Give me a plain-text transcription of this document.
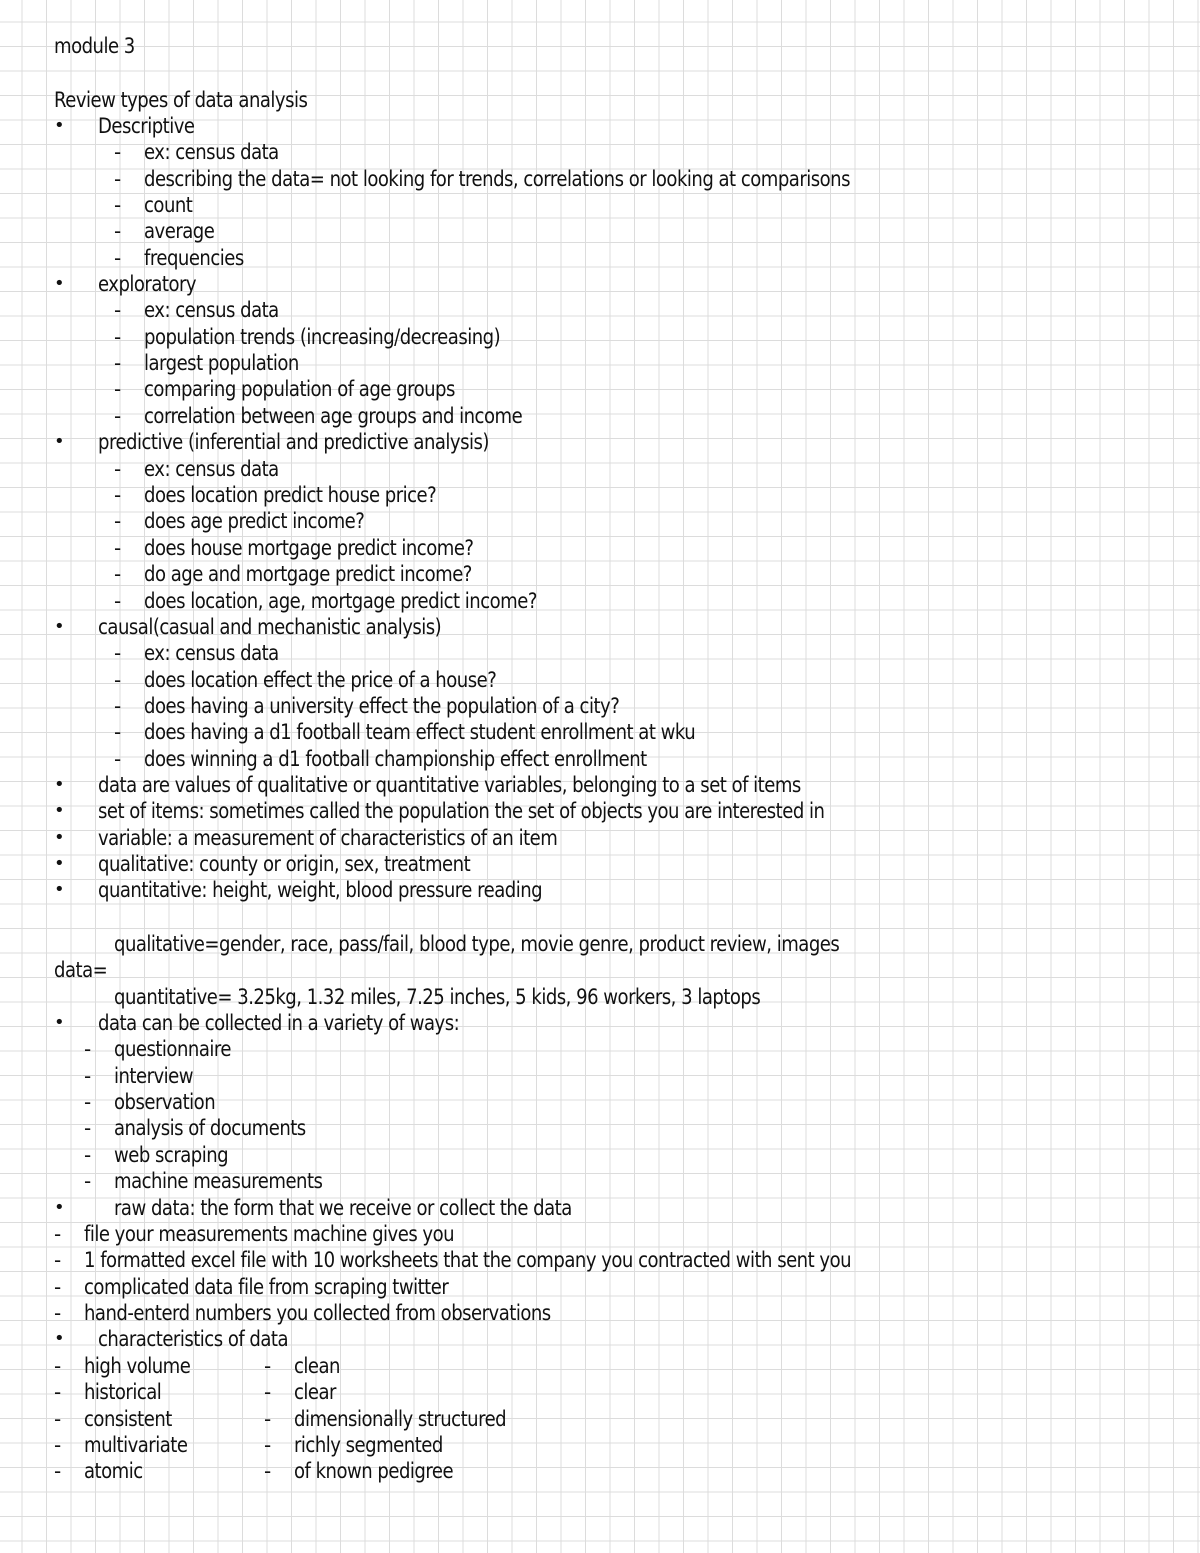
module 3
Review types of data analysis
• Descriptive
- ex: census data
- describing the data= not looking for trends, correlations or looking at comparisons
- count
- average
- frequencies
• exploratory
- ex: census data
- population trends (increasing/decreasing)
- largest population
- comparing population of age groups
- correlation between age groups and income
• predictive (inferential and predictive analysis)
- ex: census data
- does location predict house price?
- does age predict income?
- does house mortgage predict income?
- do age and mortgage predict income?
- does location, age, mortgage predict income?
• causal(casual and mechanistic analysis)
- ex: census data
- does location effect the price of a house?
- does having a university effect the population of a city?
- does having a d1 football team effect student enrollment at wku
- does winning a d1 football championship effect enrollment
• data are values of qualitative or quantitative variables, belonging to a set of items
• set of items: sometimes called the population the set of objects you are interested in
• variable: a measurement of characteristics of an item
• qualitative: county or origin, sex, treatment
• quantitative: height, weight, blood pressure reading
qualitative=gender, race, pass/fail, blood type, movie genre, product review, images
data=
quantitative= 3.25kg, 1.32 miles, 7.25 inches, 5 kids, 96 workers, 3 laptops
• data can be collected in a variety of ways:
- questionnaire
- interview
- observation
- analysis of documents
- web scraping
- machine measurements
• raw data: the form that we receive or collect the data
- file your measurements machine gives you
- 1 formatted excel file with 10 worksheets that the company you contracted with sent you
- complicated data file from scraping twitter
- hand-enterd numbers you collected from observations
• characteristics of data
- high volume	- clean
- historical	- clear
- consistent	- dimensionally structured
- multivariate	- richly segmented
- atomic	- of known pedigree
